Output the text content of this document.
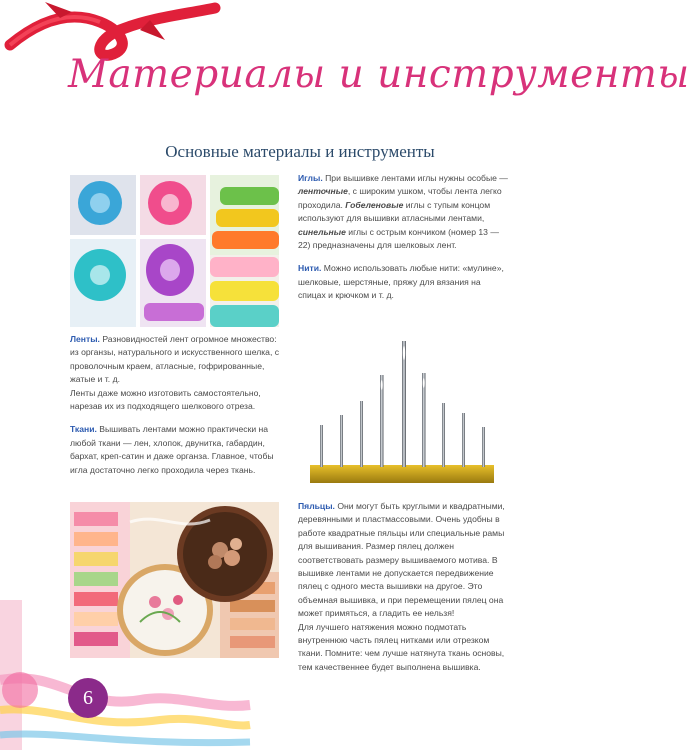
Материалы и инструменты
Основные материалы и инструменты

Иглы. При вышивке лентами иглы нужны особые — ленточные, с широким ушком, чтобы лента легко проходила. Гобеленовые иглы с тупым концом используют для вышивки атласными лентами, синельные иглы с острым кончиком (номер 13 —22) предназначены для шелковых лент.

Нити. Можно использовать любые нити: «мулине», шелковые, шерстяные, пряжу для вязания на спицах и крючком и т. д.

Ленты. Разновидностей лент огромное множество: из органзы, натурального и искусственного шелка, с проволочным краем, атласные, гофрированные, жатые и т. д.

Ленты даже можно изготовить самостоятельно, нарезав их из подходящего шелкового отреза.

Ткани. Вышивать лентами можно практически на любой ткани — лен, хлопок, двунитка, габардин, бархат, креп-сатин и даже органза. Главное, чтобы игла достаточно легко проходила через ткань.

Пяльцы. Они могут быть круглыми и квадратными, деревянными и пластмассовыми. Очень удобны в работе квадратные пяльцы или специальные рамы для вышивания. Размер пялец должен соответствовать размеру вышиваемого мотива. В вышивке лентами не допускается передвижение пялец с одного места вышивки на другое. Это объемная вышивка, и при перемещении пялец она может примяться, а гладить ее нельзя!

Для лучшего натяжения можно подмотать внутреннюю часть пялец нитками или отрезком ткани. Помните: чем лучше натянута ткань основы, тем качественнее будет выполнена вышивка.

6
